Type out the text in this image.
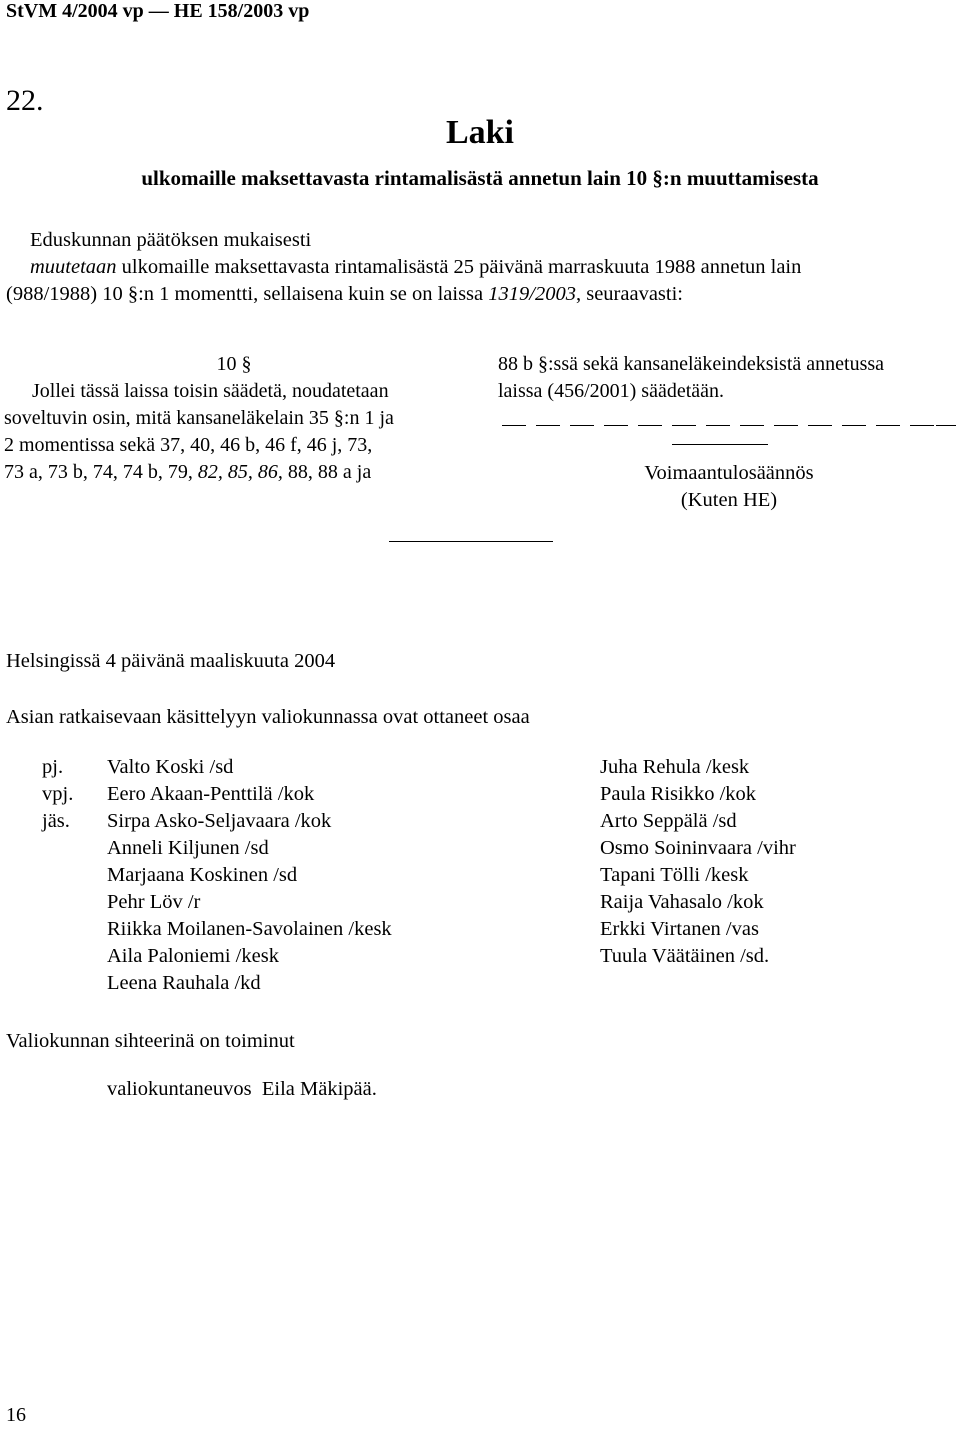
StVM 4/2004 vp — HE 158/2003 vp
22.
Laki
ulkomaille maksettavasta rintamalisästä annetun lain 10 §:n muuttamisesta
Eduskunnan päätöksen mukaisesti
muutetaan ulkomaille maksettavasta rintamalisästä 25 päivänä marraskuuta 1988 annetun lain
(988/1988) 10 §:n 1 momentti, sellaisena kuin se on laissa 1319/2003, seuraavasti:
10 §
Jollei tässä laissa toisin säädetä, noudatetaan
soveltuvin osin, mitä kansaneläkelain 35 §:n 1 ja
2 momentissa sekä 37, 40, 46 b, 46 f, 46 j, 73,
73 a, 73 b, 74, 74 b, 79, 82, 85, 86, 88, 88 a ja
88 b §:ssä sekä kansaneläkeindeksistä annetussa
laissa (456/2001) säädetään.
Voimaantulosäännös
(Kuten HE)
Helsingissä 4 päivänä maaliskuuta 2004
Asian ratkaisevaan käsittelyyn valiokunnassa ovat ottaneet osaa
pj.
vpj.
jäs.
Valto Koski /sd
Eero Akaan-Penttilä /kok
Sirpa Asko-Seljavaara /kok
Anneli Kiljunen /sd
Marjaana Koskinen /sd
Pehr Löv /r
Riikka Moilanen-Savolainen /kesk
Aila Paloniemi /kesk
Leena Rauhala /kd
Juha Rehula /kesk
Paula Risikko /kok
Arto Seppälä /sd
Osmo Soininvaara /vihr
Tapani Tölli /kesk
Raija Vahasalo /kok
Erkki Virtanen /vas
Tuula Väätäinen /sd.
Valiokunnan sihteerinä on toiminut
valiokuntaneuvos  Eila Mäkipää.
16
